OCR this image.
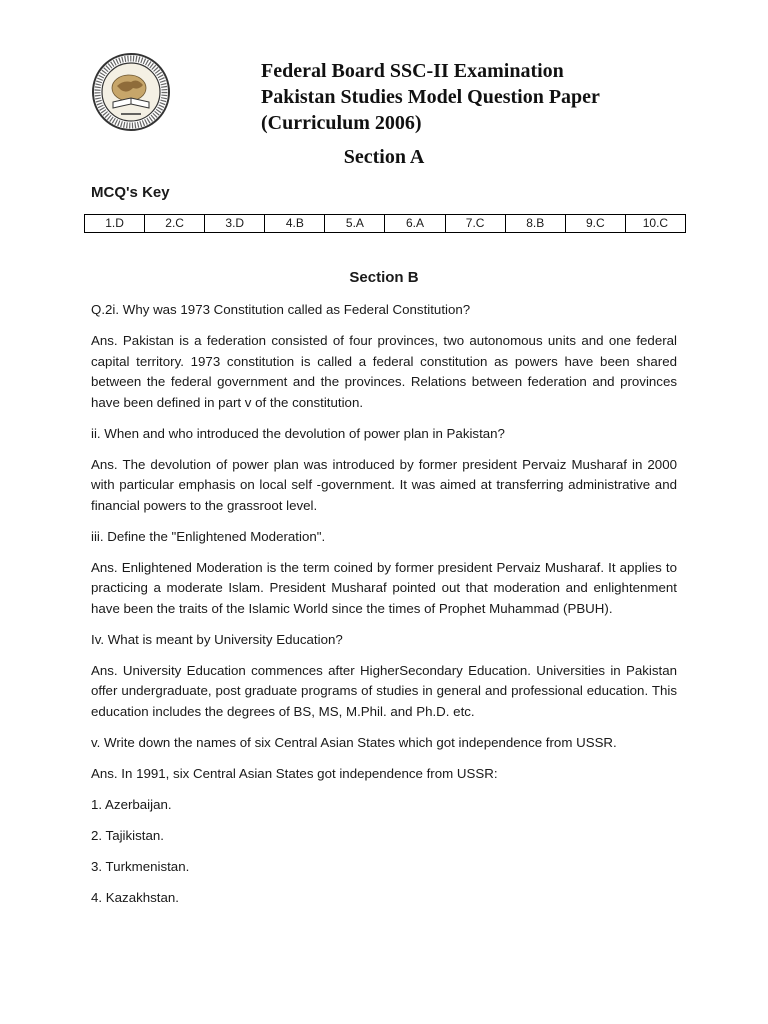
Federal Board SSC-II Examination
Pakistan Studies Model Question Paper
(Curriculum 2006)
Section A
MCQ's Key
1.D	2.C	3.D	4.B	5.A	6.A	7.C	8.B	9.C	10.C
Section B

Q.2i. Why was 1973 Constitution called as Federal Constitution?

Ans. Pakistan is a federation consisted of four provinces, two autonomous units and one federal capital territory. 1973 constitution is called a federal constitution as powers have been shared between the federal government and the provinces. Relations between federation and provinces have been defined in part v of the constitution.

ii. When and who introduced the devolution of power plan in Pakistan?

Ans. The devolution of power plan was introduced by former president Pervaiz Musharaf in 2000 with particular emphasis on local self -government. It was aimed at transferring administrative and financial powers to the grassroot level.

iii. Define the "Enlightened Moderation".

Ans. Enlightened Moderation is the term coined by former president Pervaiz Musharaf. It applies to practicing a moderate Islam. President Musharaf pointed out that moderation and enlightenment have been the traits of the Islamic World since the times of Prophet Muhammad (PBUH).

Iv. What is meant by University Education?

Ans. University Education commences after HigherSecondary Education. Universities in Pakistan offer undergraduate, post graduate programs of studies in general and professional education. This education includes the degrees of BS, MS, M.Phil. and Ph.D. etc.

v. Write down the names of six Central Asian States which got independence from USSR.

Ans. In 1991, six Central Asian States got independence from USSR:

1. Azerbaijan.

2. Tajikistan.

3. Turkmenistan.

4. Kazakhstan.
